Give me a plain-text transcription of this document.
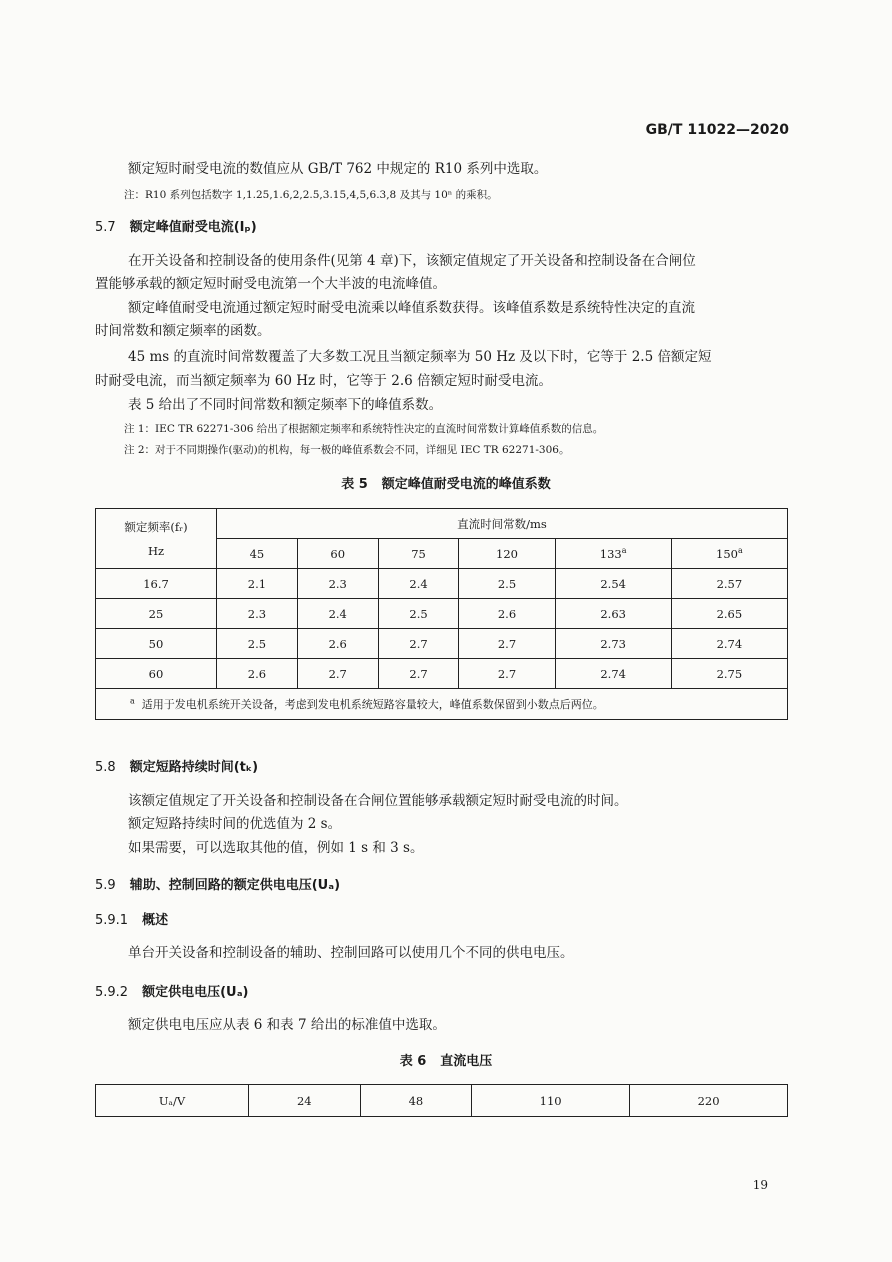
GB/T 11022—2020
额定短时耐受电流的数值应从 GB/T 762 中规定的 R10 系列中选取。
注：R10 系列包括数字 1,1.25,1.6,2,2.5,3.15,4,5,6.3,8 及其与 10ⁿ 的乘积。
5.7 额定峰值耐受电流(Iₚ)
在开关设备和控制设备的使用条件(见第 4 章)下，该额定值规定了开关设备和控制设备在合闸位
置能够承载的额定短时耐受电流第一个大半波的电流峰值。
额定峰值耐受电流通过额定短时耐受电流乘以峰值系数获得。该峰值系数是系统特性决定的直流
时间常数和额定频率的函数。
45 ms 的直流时间常数覆盖了大多数工况且当额定频率为 50 Hz 及以下时，它等于 2.5 倍额定短
时耐受电流，而当额定频率为 60 Hz 时，它等于 2.6 倍额定短时耐受电流。
表 5 给出了不同时间常数和额定频率下的峰值系数。
注 1：IEC TR 62271-306 给出了根据额定频率和系统特性决定的直流时间常数计算峰值系数的信息。
注 2：对于不同期操作(驱动)的机构，每一极的峰值系数会不同，详细见 IEC TR 62271-306。
表 5 额定峰值耐受电流的峰值系数
额定频率(fᵣ)
Hz	直流时间常数/ms					
	45	60	75	120	133$^a$	150$^a$
16.7	2.1	2.3	2.4	2.5	2.54	2.57
25	2.3	2.4	2.5	2.6	2.63	2.65
50	2.5	2.6	2.7	2.7	2.73	2.74
60	2.6	2.7	2.7	2.7	2.74	2.75
$^a$ 适用于发电机系统开关设备，考虑到发电机系统短路容量较大，峰值系数保留到小数点后两位。						
5.8 额定短路持续时间(tₖ)
该额定值规定了开关设备和控制设备在合闸位置能够承载额定短时耐受电流的时间。
额定短路持续时间的优选值为 2 s。
如果需要，可以选取其他的值，例如 1 s 和 3 s。
5.9 辅助、控制回路的额定供电电压(Uₐ)
5.9.1 概述
单台开关设备和控制设备的辅助、控制回路可以使用几个不同的供电电压。
5.9.2 额定供电电压(Uₐ)
额定供电电压应从表 6 和表 7 给出的标准值中选取。
表 6 直流电压
Uₐ/V	24	48	110	220
19
